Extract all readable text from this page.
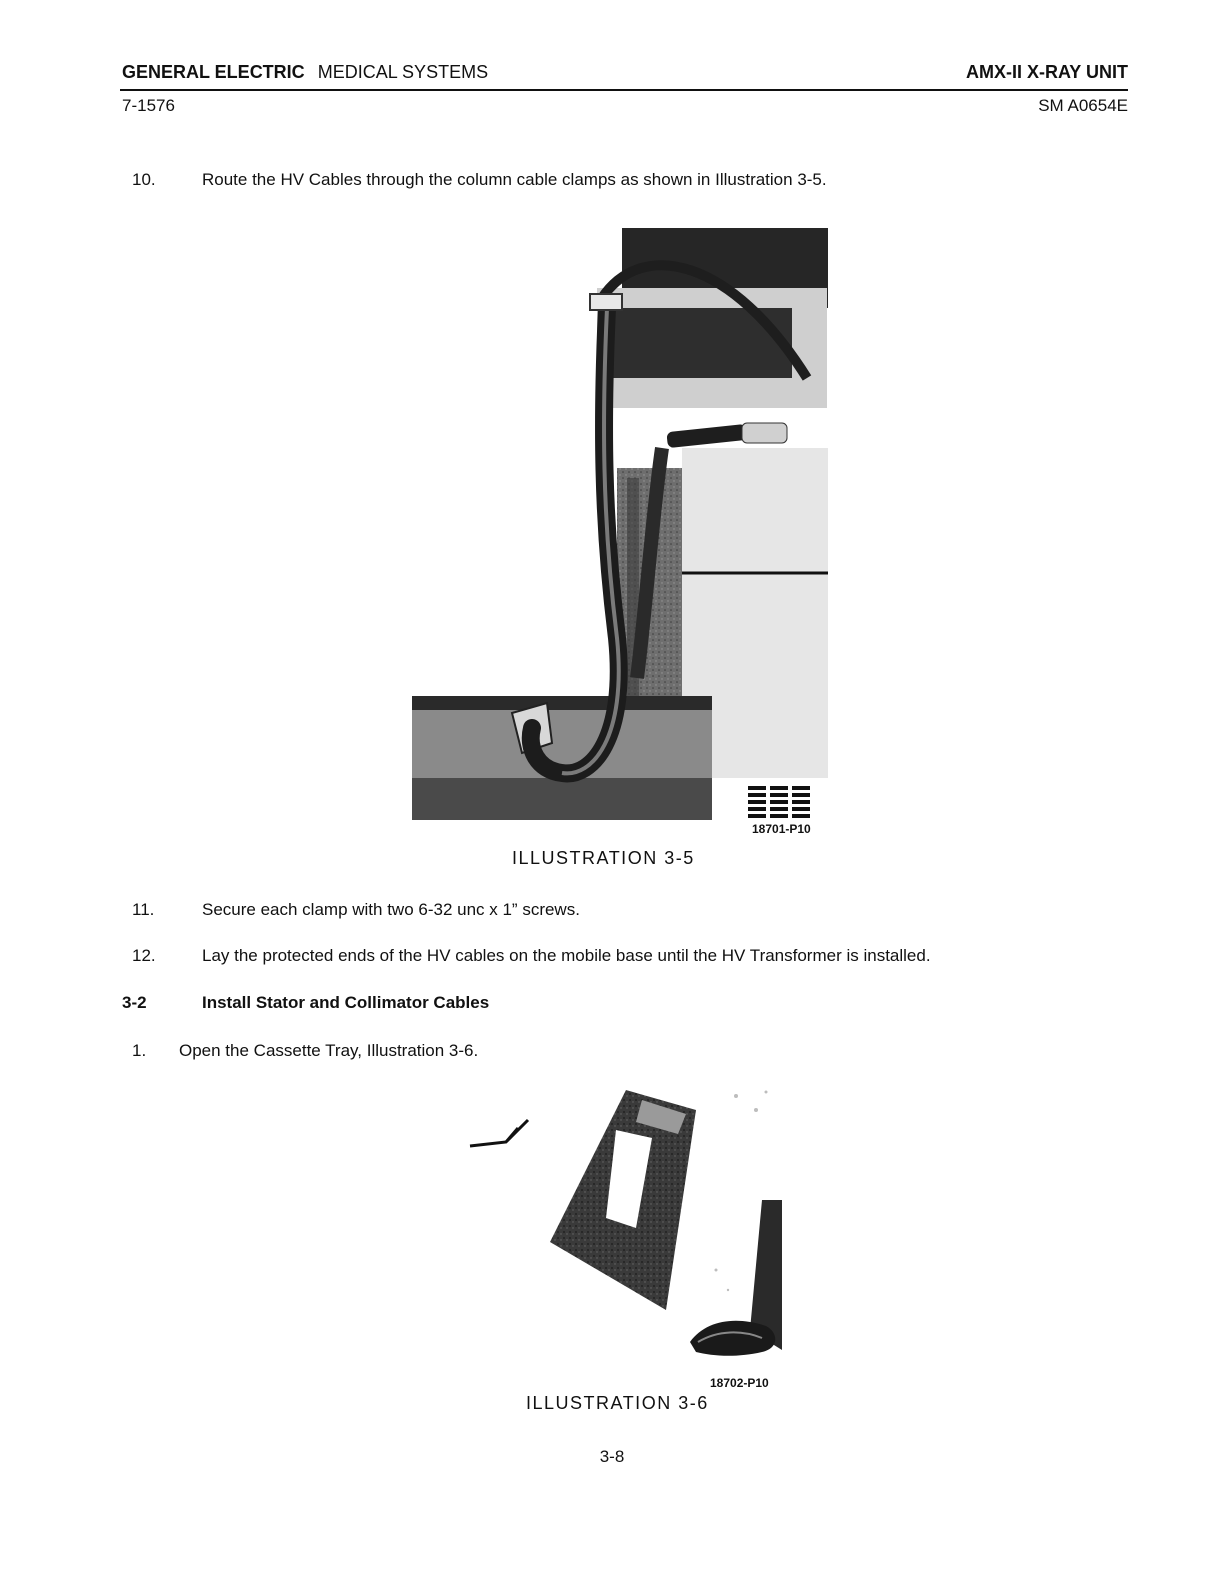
GENERAL ELECTRIC MEDICAL SYSTEMS	AMX-II X-RAY UNIT
7-1576	SM A0654E
10.	Route the HV Cables through the column cable clamps as shown in Illustration 3-5.
18701-P10
ILLUSTRATION 3-5
11.	Secure each clamp with two 6-32 unc x 1” screws.
12.	Lay the protected ends of the HV cables on the mobile base until the HV Transformer is installed.
3-2	Install Stator and Collimator Cables
1. Open the Cassette Tray, Illustration 3-6.
18702-P10
ILLUSTRATION 3-6
3-8
